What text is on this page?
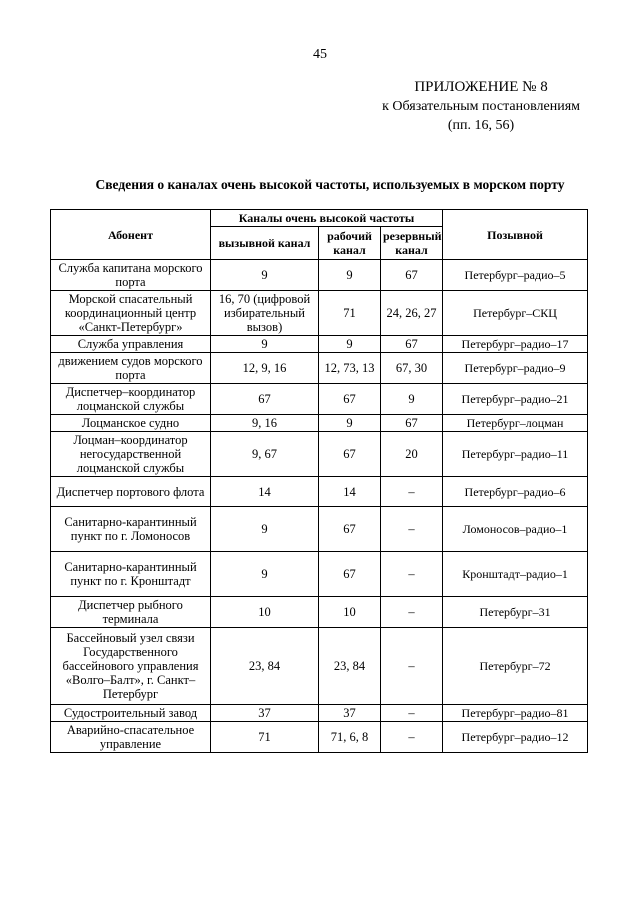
45
ПРИЛОЖЕНИЕ № 8
к Обязательным постановлениям
(пп. 16, 56)
Сведения о каналах очень высокой частоты, используемых в морском порту
Абонент	Каналы очень высокой частоты			Позывной
	вызывной канал	рабочий канал	резервный канал	
Служба капитана морского порта	9	9	67	Петербург–радио–5
Морской спасательный координационный центр «Санкт-Петербург»	16, 70 (цифровой избирательный вызов)	71	24, 26, 27	Петербург–СКЦ
Служба управления	9	9	67	Петербург–радио–17
движением судов морского порта	12, 9, 16	12, 73, 13	67, 30	Петербург–радио–9
Диспетчер–координатор лоцманской службы	67	67	9	Петербург–радио–21
Лоцманское судно	9, 16	9	67	Петербург–лоцман
Лоцман–координатор негосударственной лоцманской службы	9, 67	67	20	Петербург–радио–11
Диспетчер портового флота	14	14	–	Петербург–радио–6
Санитарно-карантинный пункт по г. Ломоносов	9	67	–	Ломоносов–радио–1
Санитарно-карантинный пункт по г. Кронштадт	9	67	–	Кронштадт–радио–1
Диспетчер рыбного терминала	10	10	–	Петербург–31
Бассейновый узел связи Государственного бассейнового управления «Волго–Балт», г. Санкт–Петербург	23, 84	23, 84	–	Петербург–72
Судостроительный завод	37	37	–	Петербург–радио–81
Аварийно-спасательное управление	71	71, 6, 8	–	Петербург–радио–12
